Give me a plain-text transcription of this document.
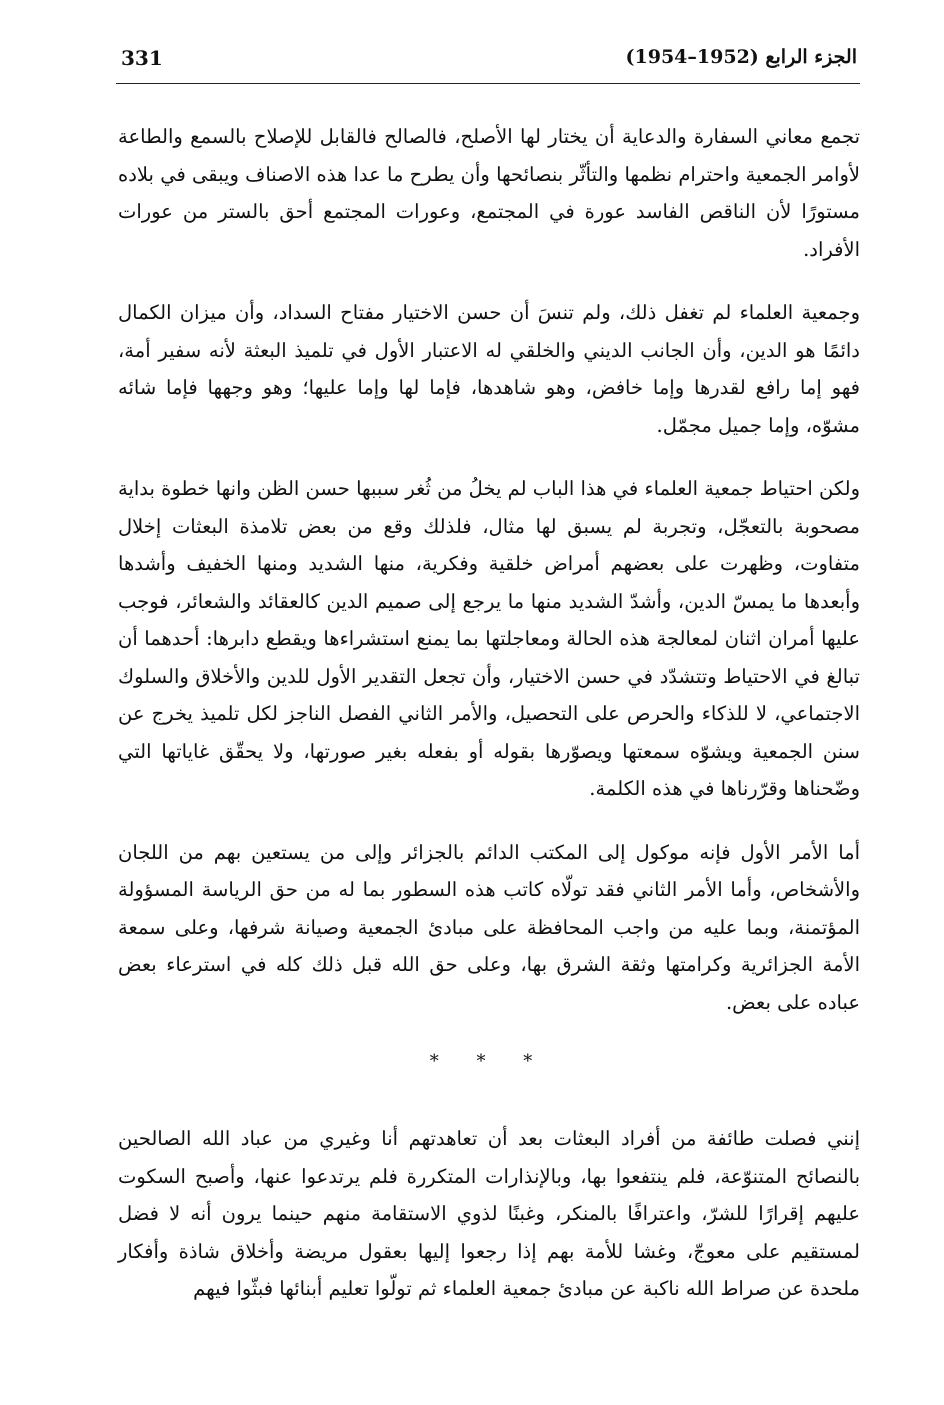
331	الجزء الرابع (1952–1954)

تجمع معاني السفارة والدعاية أن يختار لها الأصلح، فالصالح فالقابل للإصلاح بالسمع والطاعة لأوامر الجمعية واحترام نظمها والتأثّر بنصائحها وأن يطرح ما عدا هذه الاصناف ويبقى في بلاده مستورًا لأن الناقص الفاسد عورة في المجتمع، وعورات المجتمع أحق بالستر من عورات الأفراد.

وجمعية العلماء لم تغفل ذلك، ولم تنسَ أن حسن الاختيار مفتاح السداد، وأن ميزان الكمال دائمًا هو الدين، وأن الجانب الديني والخلقي له الاعتبار الأول في تلميذ البعثة لأنه سفير أمة، فهو إما رافع لقدرها وإما خافض، وهو شاهدها، فإما لها وإما عليها؛ وهو وجهها فإما شائه مشوّه، وإما جميل مجمّل.

ولكن احتياط جمعية العلماء في هذا الباب لم يخلُ من ثُغر سببها حسن الظن وانها خطوة بداية مصحوبة بالتعجّل، وتجربة لم يسبق لها مثال، فلذلك وقع من بعض تلامذة البعثات إخلال متفاوت، وظهرت على بعضهم أمراض خلقية وفكرية، منها الشديد ومنها الخفيف وأشدها وأبعدها ما يمسّ الدين، وأشدّ الشديد منها ما يرجع إلى صميم الدين كالعقائد والشعائر، فوجب عليها أمران اثنان لمعالجة هذه الحالة ومعاجلتها بما يمنع استشراءها ويقطع دابرها: أحدهما أن تبالغ في الاحتياط وتتشدّد في حسن الاختيار، وأن تجعل التقدير الأول للدين والأخلاق والسلوك الاجتماعي، لا للذكاء والحرص على التحصيل، والأمر الثاني الفصل الناجز لكل تلميذ يخرج عن سنن الجمعية ويشوّه سمعتها ويصوّرها بقوله أو بفعله بغير صورتها، ولا يحقّق غاياتها التي وضّحناها وقرّرناها في هذه الكلمة.

أما الأمر الأول فإنه موكول إلى المكتب الدائم بالجزائر وإلى من يستعين بهم من اللجان والأشخاص، وأما الأمر الثاني فقد تولّاه كاتب هذه السطور بما له من حق الرياسة المسؤولة المؤتمنة، وبما عليه من واجب المحافظة على مبادئ الجمعية وصيانة شرفها، وعلى سمعة الأمة الجزائرية وكرامتها وثقة الشرق بها، وعلى حق الله قبل ذلك كله في استرعاء بعض عباده على بعض.

* * *

إنني فصلت طائفة من أفراد البعثات بعد أن تعاهدتهم أنا وغيري من عباد الله الصالحين بالنصائح المتنوّعة، فلم ينتفعوا بها، وبالإنذارات المتكررة فلم يرتدعوا عنها، وأصبح السكوت عليهم إقرارًا للشرّ، واعترافًا بالمنكر، وغبنًا لذوي الاستقامة منهم حينما يرون أنه لا فضل لمستقيم على معوجّ، وغشا للأمة بهم إذا رجعوا إليها بعقول مريضة وأخلاق شاذة وأفكار ملحدة عن صراط الله ناكبة عن مبادئ جمعية العلماء ثم تولّوا تعليم أبنائها فبثّوا فيهم
